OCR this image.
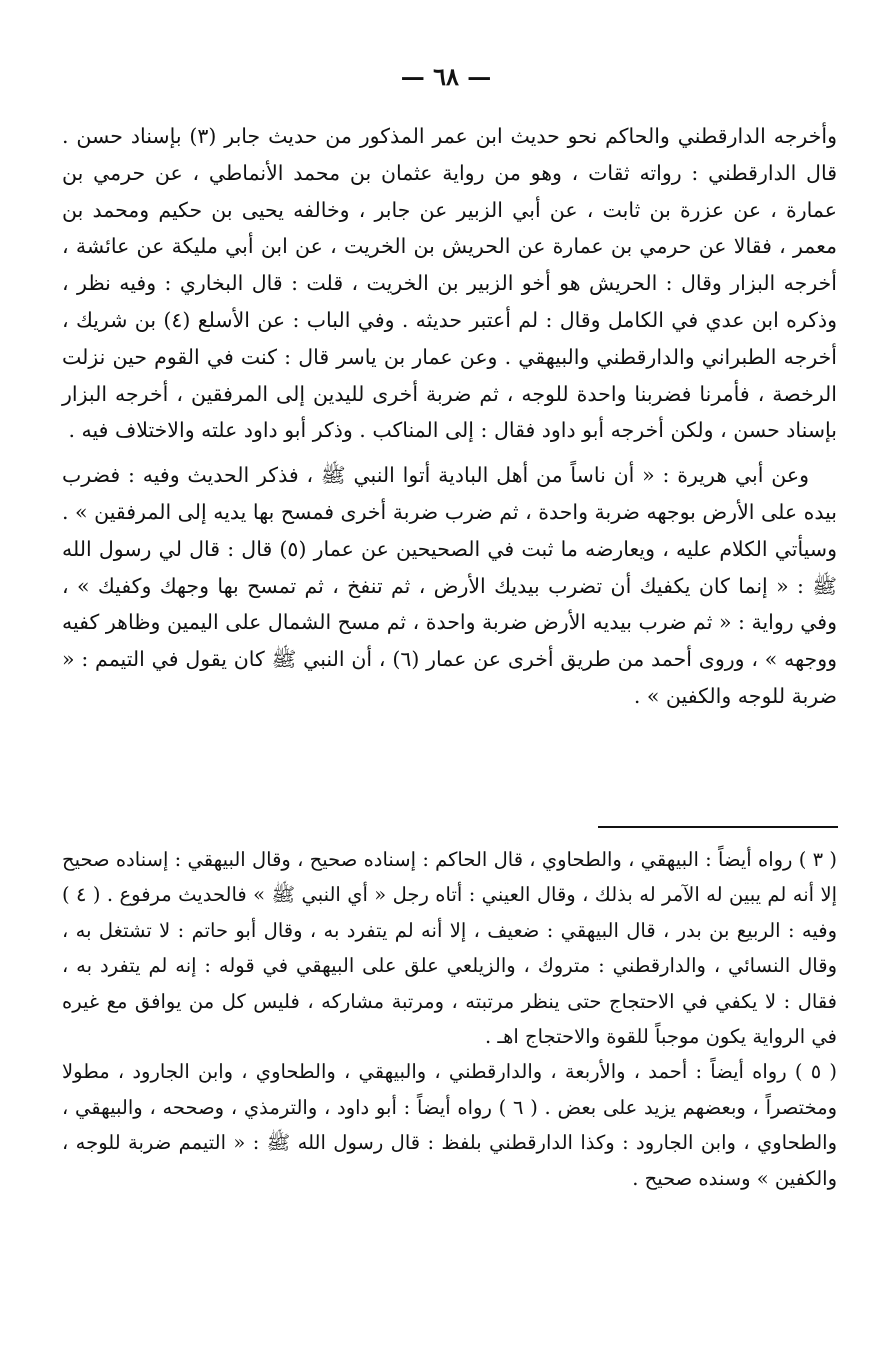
— ٦٨ —

وأخرجه الدارقطني والحاكم نحو حديث ابن عمر المذكور من حديث جابر (٣) بإسناد حسن . قال الدارقطني : رواته ثقات ، وهو من رواية عثمان بن محمد الأنماطي ، عن حرمي بن عمارة ، عن عزرة بن ثابت ، عن أبي الزبير عن جابر ، وخالفه يحيى بن حكيم ومحمد بن معمر ، فقالا عن حرمي بن عمارة عن الحريش بن الخريت ، عن ابن أبي مليكة عن عائشة ، أخرجه البزار وقال : الحريش هو أخو الزبير بن الخريت ، قلت : قال البخاري : وفيه نظر ، وذكره ابن عدي في الكامل وقال : لم أعتبر حديثه . وفي الباب : عن الأسلع (٤) بن شريك ، أخرجه الطبراني والدارقطني والبيهقي . وعن عمار بن ياسر قال : كنت في القوم حين نزلت الرخصة ، فأمرنا فضربنا واحدة للوجه ، ثم ضربة أخرى لليدين إلى المرفقين ، أخرجه البزار بإسناد حسن ، ولكن أخرجه أبو داود فقال : إلى المناكب . وذكر أبو داود علته والاختلاف فيه .

وعن أبي هريرة : « أن ناساً من أهل البادية أتوا النبي ﷺ ، فذكر الحديث وفيه : فضرب بيده على الأرض بوجهه ضربة واحدة ، ثم ضرب ضربة أخرى فمسح بها يديه إلى المرفقين » . وسيأتي الكلام عليه ، ويعارضه ما ثبت في الصحيحين عن عمار (٥) قال : قال لي رسول الله ﷺ : « إنما كان يكفيك أن تضرب بيديك الأرض ، ثم تنفخ ، ثم تمسح بها وجهك وكفيك » ، وفي رواية : « ثم ضرب بيديه الأرض ضربة واحدة ، ثم مسح الشمال على اليمين وظاهر كفيه ووجهه » ، وروى أحمد من طريق أخرى عن عمار (٦) ، أن النبي ﷺ كان يقول في التيمم : « ضربة للوجه والكفين » .

( ٣ ) رواه أيضاً : البيهقي ، والطحاوي ، قال الحاكم : إسناده صحيح ، وقال البيهقي : إسناده صحيح إلا أنه لم يبين له الآمر له بذلك ، وقال العيني : أتاه رجل « أي النبي ﷺ » فالحديث مرفوع . ( ٤ ) وفيه : الربيع بن بدر ، قال البيهقي : ضعيف ، إلا أنه لم يتفرد به ، وقال أبو حاتم : لا تشتغل به ، وقال النسائي ، والدارقطني : متروك ، والزيلعي علق على البيهقي في قوله : إنه لم يتفرد به ، فقال : لا يكفي في الاحتجاج حتى ينظر مرتبته ، ومرتبة مشاركه ، فليس كل من يوافق مع غيره في الرواية يكون موجباً للقوة والاحتجاج اهـ .

( ٥ ) رواه أيضاً : أحمد ، والأربعة ، والدارقطني ، والبيهقي ، والطحاوي ، وابن الجارود ، مطولا ومختصراً ، وبعضهم يزيد على بعض . ( ٦ ) رواه أيضاً : أبو داود ، والترمذي ، وصححه ، والبيهقي ، والطحاوي ، وابن الجارود : وكذا الدارقطني بلفظ : قال رسول الله ﷺ : « التيمم ضربة للوجه ، والكفين » وسنده صحيح .
